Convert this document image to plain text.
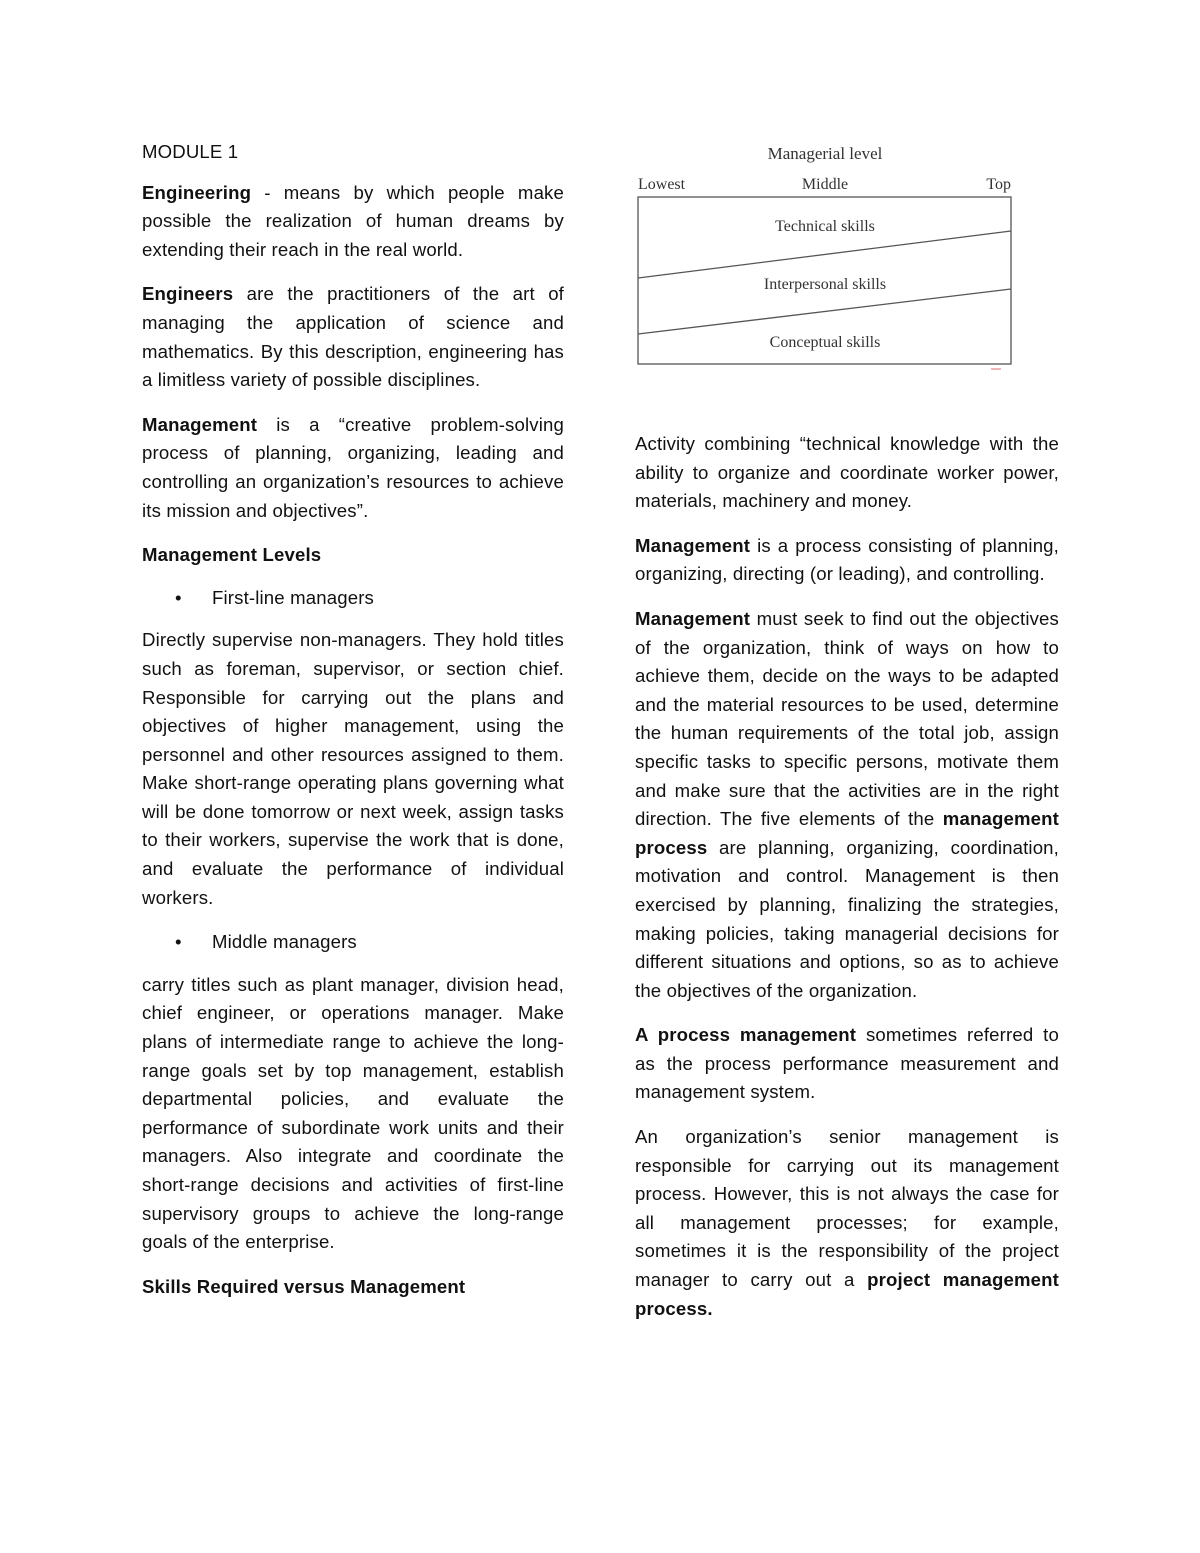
MODULE 1

Engineering - means by which people make possible the realization of human dreams by extending their reach in the real world.

Engineers are the practitioners of the art of managing the application of science and mathematics. By this description, engineering has a limitless variety of possible disciplines.

Management is a “creative problem-solving process of planning, organizing, leading and controlling an organization’s resources to achieve its mission and objectives”.

Management Levels

• First-line managers

Directly supervise non-managers. They hold titles such as foreman, supervisor, or section chief. Responsible for carrying out the plans and objectives of higher management, using the personnel and other resources assigned to them. Make short-range operating plans governing what will be done tomorrow or next week, assign tasks to their workers, supervise the work that is done, and evaluate the performance of individual workers.

• Middle managers

carry titles such as plant manager, division head, chief engineer, or operations manager. Make plans of intermediate range to achieve the long-range goals set by top management, establish departmental policies, and evaluate the performance of subordinate work units and their managers. Also integrate and coordinate the short-range decisions and activities of first-line supervisory groups to achieve the long-range goals of the enterprise.

Skills Required versus Management

Managerial level
Lowest	Middle	Top
Technical skills
Interpersonal skills
Conceptual skills

Activity combining “technical knowledge with the ability to organize and coordinate worker power, materials, machinery and money.

Management is a process consisting of planning, organizing, directing (or leading), and controlling.

Management must seek to find out the objectives of the organization, think of ways on how to achieve them, decide on the ways to be adapted and the material resources to be used, determine the human requirements of the total job, assign specific tasks to specific persons, motivate them and make sure that the activities are in the right direction. The five elements of the management process are planning, organizing, coordination, motivation and control. Management is then exercised by planning, finalizing the strategies, making policies, taking managerial decisions for different situations and options, so as to achieve the objectives of the organization.

A process management sometimes referred to as the process performance measurement and management system.

An organization’s senior management is responsible for carrying out its management process. However, this is not always the case for all management processes; for example, sometimes it is the responsibility of the project manager to carry out a project management process.
